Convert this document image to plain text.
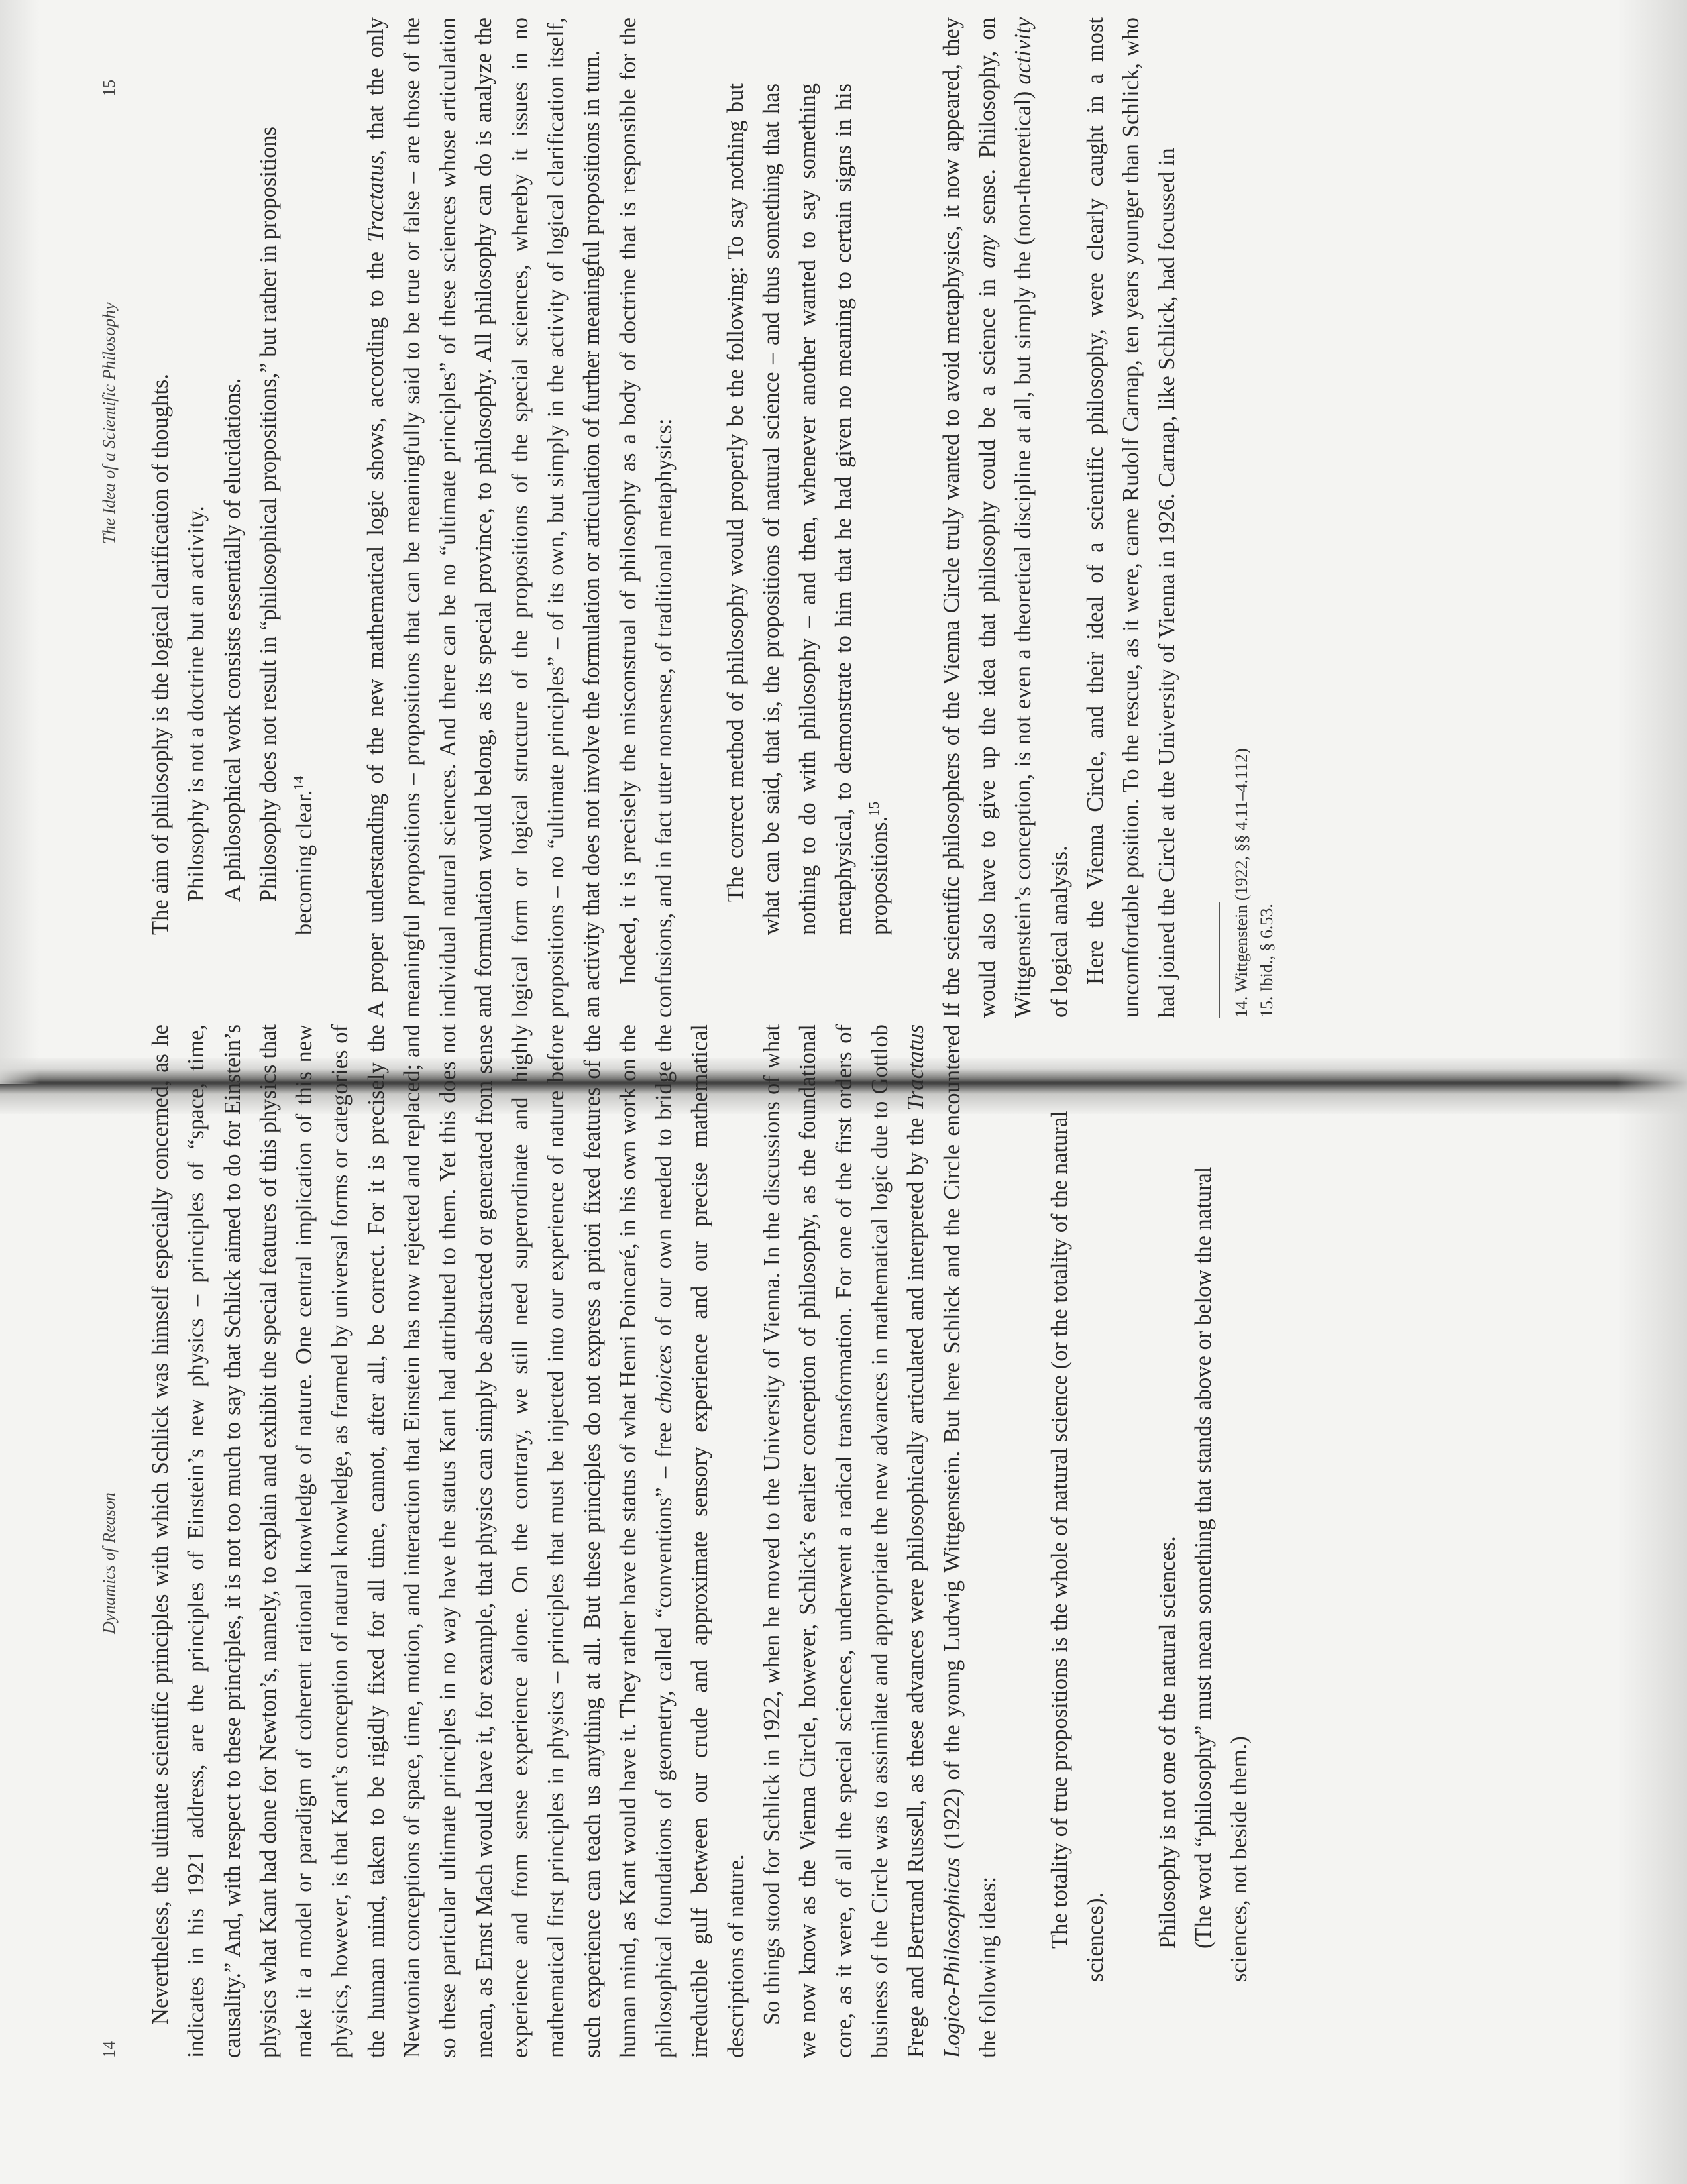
14
Dynamics of Reason Nevertheless, the ultimate scientific principles with which Schlick was himself especially concerned, as he indicates in his 1921 address, are the principles of Einstein’s new physics – principles of “space, time, causality.” And, with respect to these principles, it is not too much to say that Schlick aimed to do for Einstein’s physics what Kant had done for Newton’s, namely, to explain and exhibit the special features of this physics that make it a model or paradigm of coherent rational knowledge of nature. One central implication of this new physics, however, is that Kant’s conception of natural knowledge, as framed by universal forms or categories of the human mind, taken to be rigidly fixed for all time, cannot, after all, be correct. For it is precisely the Newtonian conceptions of space, time, motion, and interaction that Einstein has now rejected and replaced; and so these particular ultimate principles in no way have the status Kant had attributed to them. Yet this does not mean, as Ernst Mach would have it, for example, that physics can simply be abstracted or generated from sense experience and from sense experience alone. On the contrary, we still need superordinate and highly mathematical first principles in physics – principles that must be injected into our experience of nature before such experience can teach us anything at all. But these principles do not express a priori fixed features of the human mind, as Kant would have it. They rather have the status of what Henri Poincaré, in his own work on the philosophical foundations of geometry, called “conventions” – free choices of our own needed to bridge the irreducible gulf between our crude and approximate sensory experience and our precise mathematical descriptions of nature. So things stood for Schlick in 1922, when he moved to the University of Vienna. In the discussions of what we now know as the Vienna Circle, however, Schlick’s earlier conception of philosophy, as the foundational core, as it were, of all the special sciences, underwent a radical transformation. For one of the first orders of business of the Circle was to assimilate and appropriate the new advances in mathematical logic due to Gottlob Frege and Bertrand Russell, as these advances were philosophically articulated and interpreted by the Tractatus Logico-Philosophicus (1922) of the young Ludwig Wittgenstein. But here Schlick and the Circle encountered the following ideas:

The totality of true propositions is the whole of natural science (or the totality of the natural sciences). Philosophy is not one of the natural sciences. (The word “philosophy” must mean something that stands above or below the natural sciences, not beside them.)

The Idea of a Scientific Philosophy
15

The aim of philosophy is the logical clarification of thoughts. Philosophy is not a doctrine but an activity. A philosophical work consists essentially of elucidations. Philosophy does not result in “philosophical propositions,” but rather in propositions becoming clear.$^{14}$	A proper understanding of the new mathematical logic shows, according to the Tractatus, that the only meaningful propositions – propositions that can be meaningfully said to be true or false – are those of the individual natural sciences. And there can be no “ultimate principles” of these sciences whose articulation and formulation would belong, as its special province, to philosophy. All philosophy can do is analyze the logical form or logical structure of the propositions of the special sciences, whereby it issues in no propositions – no “ultimate principles” – of its own, but simply in the activity of logical clarification itself, an activity that does not involve the formulation or articulation of further meaningful propositions in turn. Indeed, it is precisely the misconstrual of philosophy as a body of doctrine that is responsible for the confusions, and in fact utter nonsense, of traditional metaphysics: The correct method of philosophy would properly be the following: To say nothing but what can be said, that is, the propositions of natural science – and thus something that has nothing to do with philosophy – and then, whenever another wanted to say something metaphysical, to demonstrate to him that he had given no meaning to certain signs in his propositions.$^{15}$	If the scientific philosophers of the Vienna Circle truly wanted to avoid metaphysics, it now appeared, they would also have to give up the idea that philosophy could be a science in any sense. Philosophy, on Wittgenstein’s conception, is not even a theoretical discipline at all, but simply the (non-theoretical) activity of logical analysis. Here the Vienna Circle, and their ideal of a scientific philosophy, were clearly caught in a most uncomfortable position. To the rescue, as it were, came Rudolf Carnap, ten years younger than Schlick, who had joined the Circle at the University of Vienna in 1926. Carnap, like Schlick, had focussed in	14. Wittgenstein (1922, §§ 4.11–4.112) 15. Ibid., § 6.53.
